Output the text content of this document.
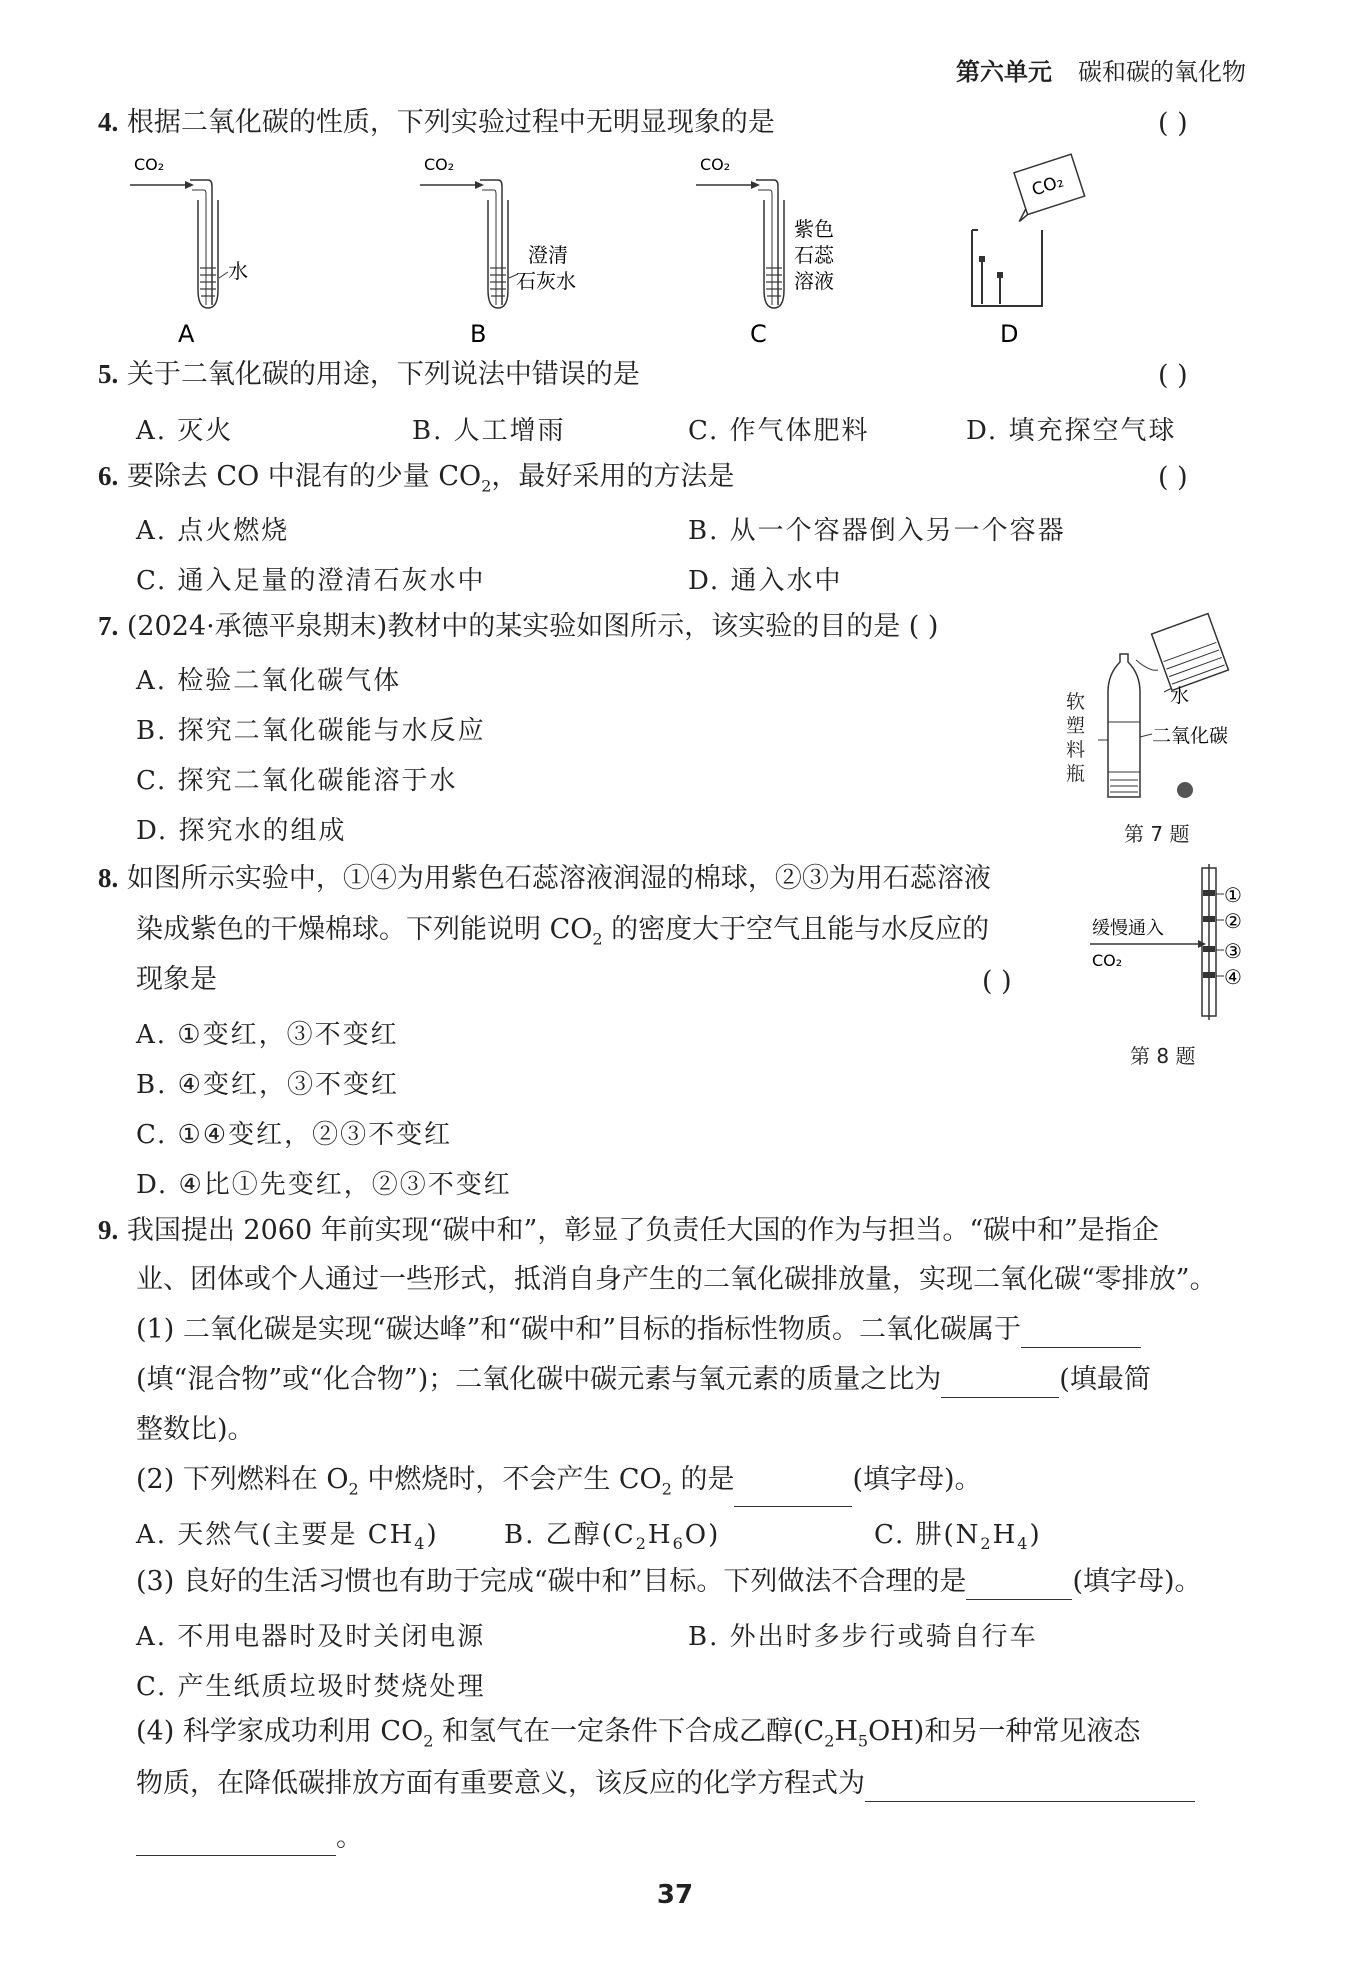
第六单元 碳和碳的氧化物
4. 根据二氧化碳的性质，下列实验过程中无明显现象的是	( )
CO₂
水
A
CO₂
澄清
石灰水
B
CO₂
紫色
石蕊
溶液
C
CO₂
D
5. 关于二氧化碳的用途，下列说法中错误的是	( )
A. 灭火	B. 人工增雨	C. 作气体肥料	D. 填充探空气球
6. 要除去 CO 中混有的少量 $CO_2$，最好采用的方法是	( )
A. 点火燃烧	B. 从一个容器倒入另一个容器
C. 通入足量的澄清石灰水中	D. 通入水中
7. (2024·承德平泉期末)教材中的某实验如图所示，该实验的目的是 ( )
A. 检验二氧化碳气体
B. 探究二氧化碳能与水反应
C. 探究二氧化碳能溶于水
D. 探究水的组成
水
二氧化碳
软塑料瓶
第 7 题
8. 如图所示实验中，①④为用紫色石蕊溶液润湿的棉球，②③为用石蕊溶液
染成紫色的干燥棉球。下列能说明 $CO_2$ 的密度大于空气且能与水反应的
现象是	( )
A. ①变红，③不变红
B. ④变红，③不变红
C. ①④变红，②③不变红
D. ④比①先变红，②③不变红
缓慢通入
CO₂
①
②
③
④
第 8 题
9. 我国提出 2060 年前实现“碳中和”，彰显了负责任大国的作为与担当。“碳中和”是指企
业、团体或个人通过一些形式，抵消自身产生的二氧化碳排放量，实现二氧化碳“零排放”。
(1) 二氧化碳是实现“碳达峰”和“碳中和”目标的指标性物质。二氧化碳属于
(填“混合物”或“化合物”)；二氧化碳中碳元素与氧元素的质量之比为	(填最简
整数比)。
(2) 下列燃料在 $O_2$ 中燃烧时，不会产生 $CO_2$ 的是	(填字母)。
A. 天然气(主要是 $CH_4$)	B. 乙醇$(C_2H_6O)$	C. 肼$(N_2H_4)$
(3) 良好的生活习惯也有助于完成“碳中和”目标。下列做法不合理的是	(填字母)。
A. 不用电器时及时关闭电源	B. 外出时多步行或骑自行车
C. 产生纸质垃圾时焚烧处理
(4) 科学家成功利用 $CO_2$ 和氢气在一定条件下合成乙醇$(C_2H_5OH)$和另一种常见液态
物质，在降低碳排放方面有重要意义，该反应的化学方程式为
。
37
